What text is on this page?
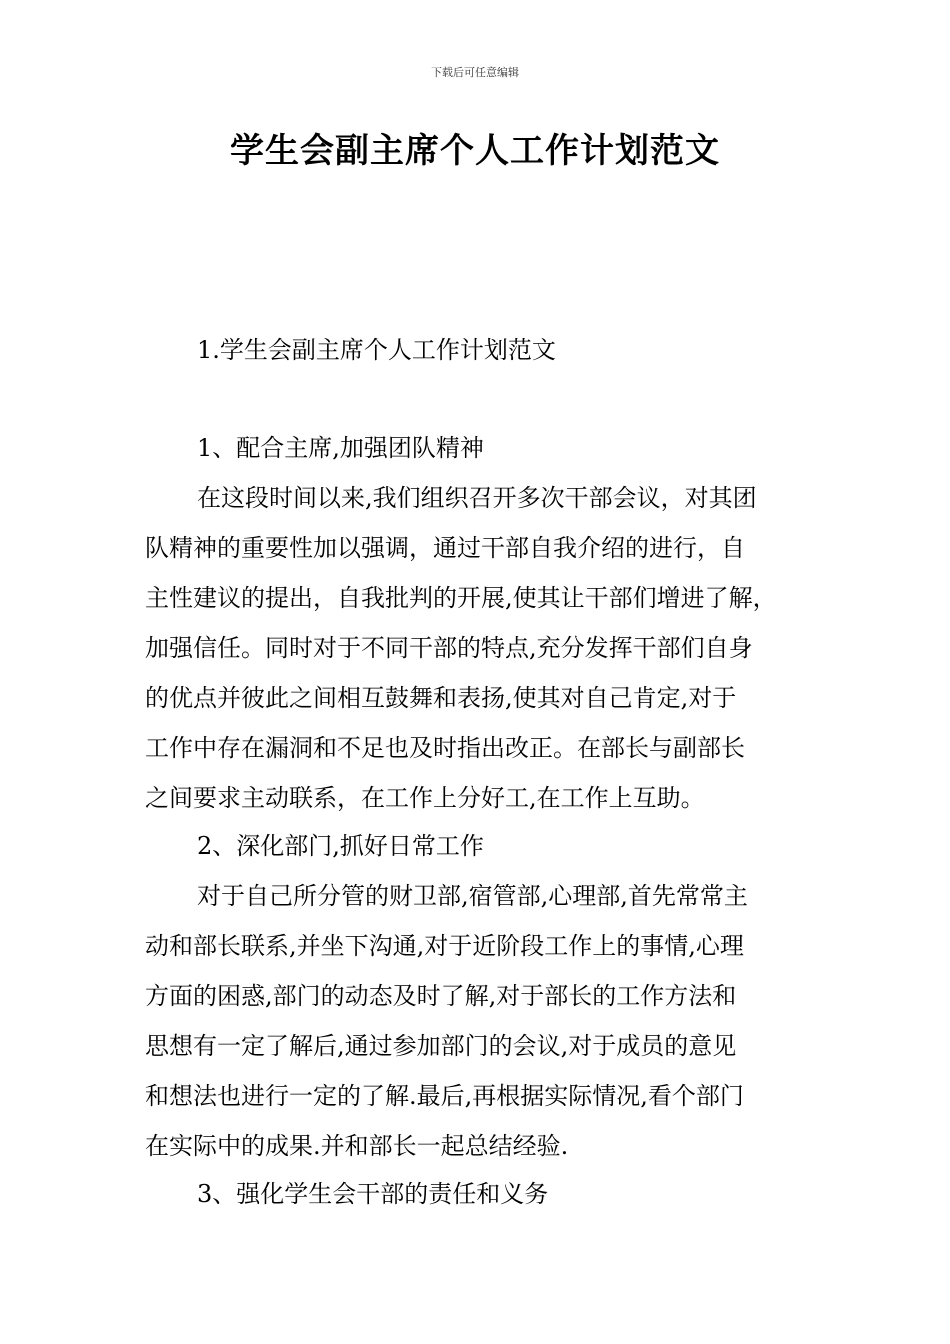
下载后可任意编辑
学生会副主席个人工作计划范文
1.学生会副主席个人工作计划范文
1、配合主席,加强团队精神
在这段时间以来,我们组织召开多次干部会议，对其团
队精神的重要性加以强调，通过干部自我介绍的进行，自
主性建议的提出，自我批判的开展,使其让干部们增进了解，
加强信任。同时对于不同干部的特点,充分发挥干部们自身
的优点并彼此之间相互鼓舞和表扬,使其对自己肯定,对于
工作中存在漏洞和不足也及时指出改正。在部长与副部长
之间要求主动联系，在工作上分好工,在工作上互助。
2、深化部门,抓好日常工作
对于自己所分管的财卫部,宿管部,心理部,首先常常主
动和部长联系,并坐下沟通,对于近阶段工作上的事情,心理
方面的困惑,部门的动态及时了解,对于部长的工作方法和
思想有一定了解后,通过参加部门的会议,对于成员的意见
和想法也进行一定的了解.最后,再根据实际情况,看个部门
在实际中的成果.并和部长一起总结经验.
3、强化学生会干部的责任和义务
